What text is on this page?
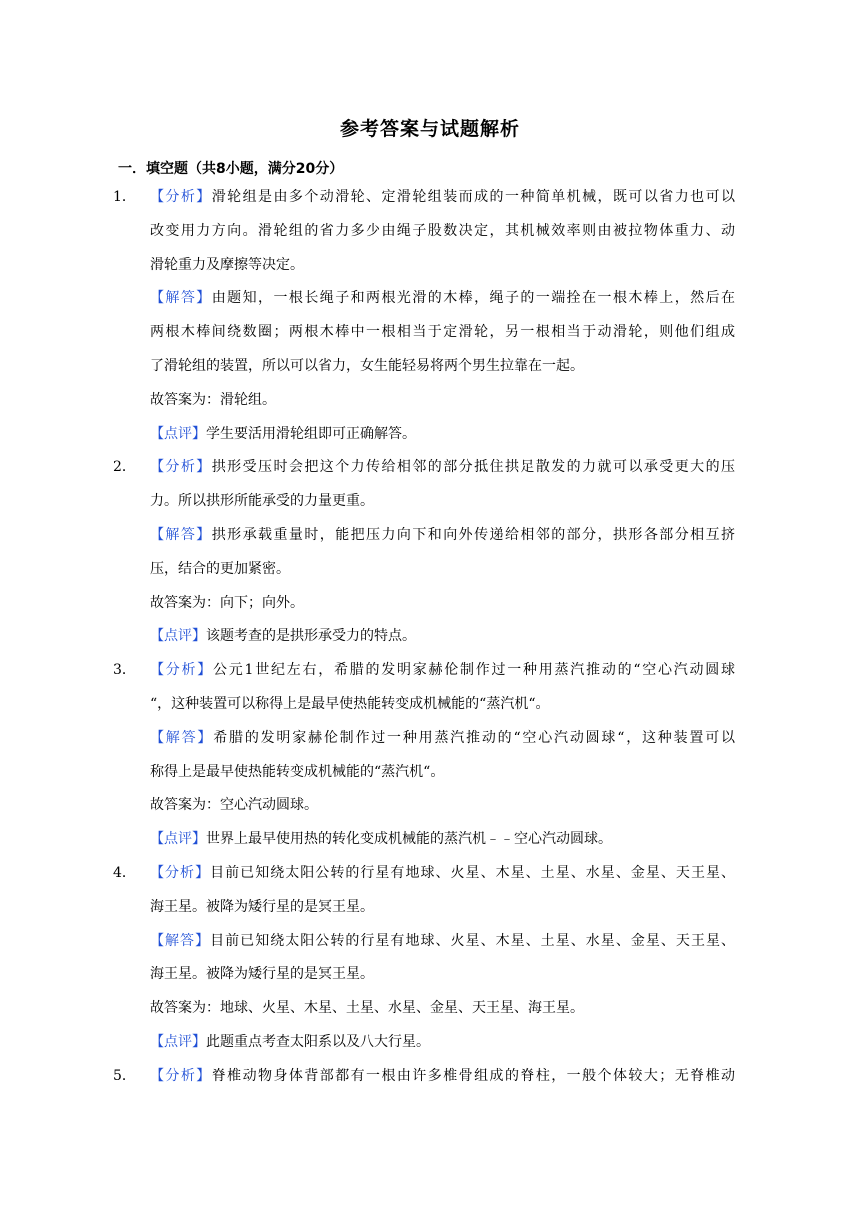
参考答案与试题解析
一．填空题（共8小题，满分20分）
1．	【分析】滑轮组是由多个动滑轮、定滑轮组装而成的一种简单机械，既可以省力也可以
改变用力方向。滑轮组的省力多少由绳子股数决定，其机械效率则由被拉物体重力、动
滑轮重力及摩擦等决定。
【解答】由题知，一根长绳子和两根光滑的木棒，绳子的一端拴在一根木棒上，然后在
两根木棒间绕数圈；两根木棒中一根相当于定滑轮，另一根相当于动滑轮，则他们组成
了滑轮组的装置，所以可以省力，女生能轻易将两个男生拉靠在一起。
故答案为：滑轮组。
【点评】学生要活用滑轮组即可正确解答。
2．	【分析】拱形受压时会把这个力传给相邻的部分抵住拱足散发的力就可以承受更大的压
力。所以拱形所能承受的力量更重。
【解答】拱形承载重量时，能把压力向下和向外传递给相邻的部分，拱形各部分相互挤
压，结合的更加紧密。
故答案为：向下；向外。
【点评】该题考查的是拱形承受力的特点。
3．	【分析】公元1世纪左右，希腊的发明家赫伦制作过一种用蒸汽推动的“空心汽动圆球
“，这种装置可以称得上是最早使热能转变成机械能的“蒸汽机“。
【解答】希腊的发明家赫伦制作过一种用蒸汽推动的“空心汽动圆球“，这种装置可以
称得上是最早使热能转变成机械能的“蒸汽机“。
故答案为：空心汽动圆球。
【点评】世界上最早使用热的转化变成机械能的蒸汽机﹣﹣空心汽动圆球。
4．	【分析】目前已知绕太阳公转的行星有地球、火星、木星、土星、水星、金星、天王星、
海王星。被降为矮行星的是冥王星。
【解答】目前已知绕太阳公转的行星有地球、火星、木星、土星、水星、金星、天王星、
海王星。被降为矮行星的是冥王星。
故答案为：地球、火星、木星、土星、水星、金星、天王星、海王星。
【点评】此题重点考查太阳系以及八大行星。
5．	【分析】脊椎动物身体背部都有一根由许多椎骨组成的脊柱，一般个体较大；无脊椎动
